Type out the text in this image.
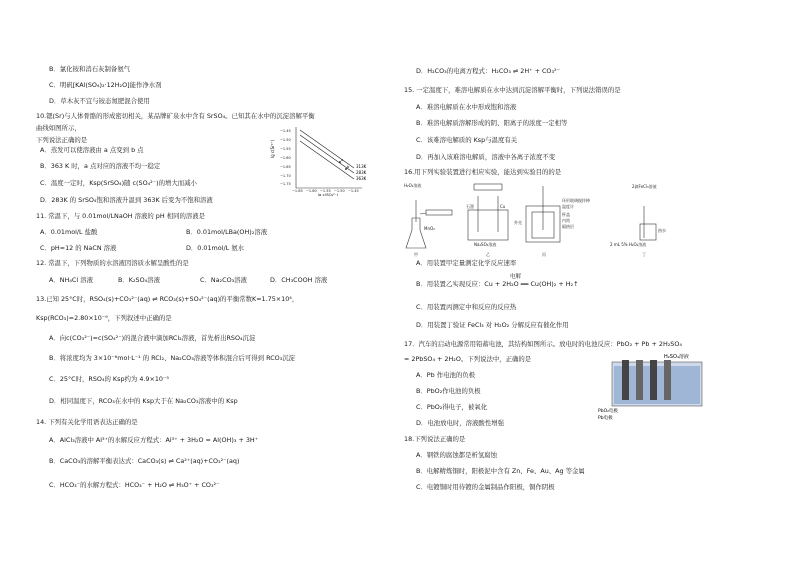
B．氯化铵和消石灰制备氨气
C．明矾[KAl(SO₄)₂·12H₂O]能作净水剂
D．草木灰不宜与铵态氮肥混合使用
10.锶(Sr)与人体骨骼的形成密切相关，某品牌矿泉水中含有 SrSO₄。已知其在水中的沉淀溶解平衡
曲线如图所示，
下列说法正确的是
A．蒸发可以使溶液由 a 点变到 b 点
B．363 K 时，a 点对应的溶液不均一稳定
C．温度一定时，Ksp(SrSO₄)随 c(SO₄²⁻)的增大而减小
D．283K 的 SrSO₄饱和溶液升温到 363K 后变为不饱和溶液
11. 常温下，与 0.01mol/LNaOH 溶液的 pH 相同的溶液是
A．0.01mol/L 盐酸	B．0.01mol/LBa(OH)₂溶液
C．pH=12 的 NaCN 溶液	D．0.01mol/L 氨水
12. 常温下，下列物质的水溶液因溶质水解呈酸性的是
A．NH₄Cl 溶液	B．K₂SO₄溶液	C．Na₂CO₃溶液	D．CH₃COOH 溶液
13.已知 25°C时，RSO₄(s)+CO₃²⁻(aq) ⇌ RCO₃(s)+SO₄²⁻(aq)的平衡常数K=1.75×10⁴，
Ksp(RCO₃)=2.80×10⁻⁹，下列叙述中正确的是
A．向c(CO₃²⁻)=c(SO₄²⁻)的混合液中滴加RCl₂溶液，首先析出RSO₄沉淀
B．将浓度均为 3×10⁻⁶mol·L⁻¹ 的 RCl₂、Na₂CO₃溶液等体积混合后可得到 RCO₃沉淀
C．25°C时，RSO₄的 Ksp约为 4.9×10⁻⁵
D．相同温度下，RCO₃在水中的 Ksp大于在 Na₂CO₃溶液中的 Ksp
14. 下列有关化学用语表达正确的是
A．AlCl₃溶液中 Al³⁺的水解反应方程式：Al³⁺ + 3H₂O = Al(OH)₃ + 3H⁺
B．CaCO₃的溶解平衡表达式：CaCO₃(s) ⇌ Ca²⁺(aq)+CO₃²⁻(aq)
C．HCO₃⁻的水解方程式：HCO₃⁻ + H₂O ⇌ H₃O⁺ + CO₃²⁻
lg c(Sr²⁺)
−1.45
−1.50
−1.55
−1.60
−1.65
−1.70
−1.75
−1.65 −1.60 −1.55 −1.50 −1.45
a
b 313K
283K
363K
lg c(SO₄²⁻)
D．H₂CO₃的电离方程式：H₂CO₃ ⇌ 2H⁺ + CO₃²⁻
15. 一定温度下，难溶电解质在水中达到沉淀溶解平衡时，下列说法错误的是
A．难溶电解质在水中形成饱和溶液
B．难溶电解质溶解形成的阴、阳离子的浓度一定相等
C．该难溶电解质的 Ksp与温度有关
D．再加入该难溶电解质，溶液中各离子浓度不变
16.用下列实验装置进行相应实验，能达到实验目的的是
A．用装置甲定量测定化学反应速率
B．用装置乙实现反应：Cu + 2H₂O ══ Cu(OH)₂ + H₂↑
C．用装置丙测定中和反应的反应热
D．用装置丁验证 FeCl₃ 对 H₂O₂ 分解反应有催化作用
17．汽车的启动电源常用铅蓄电池，其结构如图所示。放电时的电池反应：PbO₂ + Pb + 2H₂SO₄
= 2PbSO₄ + 2H₂O。下列说法中，正确的是
A．Pb 作电池的负极
B．PbO₂作电池的负极
C．PbO₂得电子，被氧化
D．电池放电时，溶液酸性增强
18.下列说法正确的是
A．钢铁的腐蚀都是析氢腐蚀
B．电解精炼铜时，阳极泥中含有 Zn、Fe、Au、Ag 等金属
C．电镀铜时用待镀的金属制品作阳极，铜作阴极
H₂O₂溶液
MnO₂
甲
石墨	Cu
Na₂SO₄溶液
乙
环形玻璃搅拌棒
温度计
杯盖
内筒
隔热层
外壳
丙
2滴FeCl₃溶液
热水
2 mL 5% H₂O₂溶液
丁
电解
H₂SO₄溶液
PbO₂电极
Pb电极
